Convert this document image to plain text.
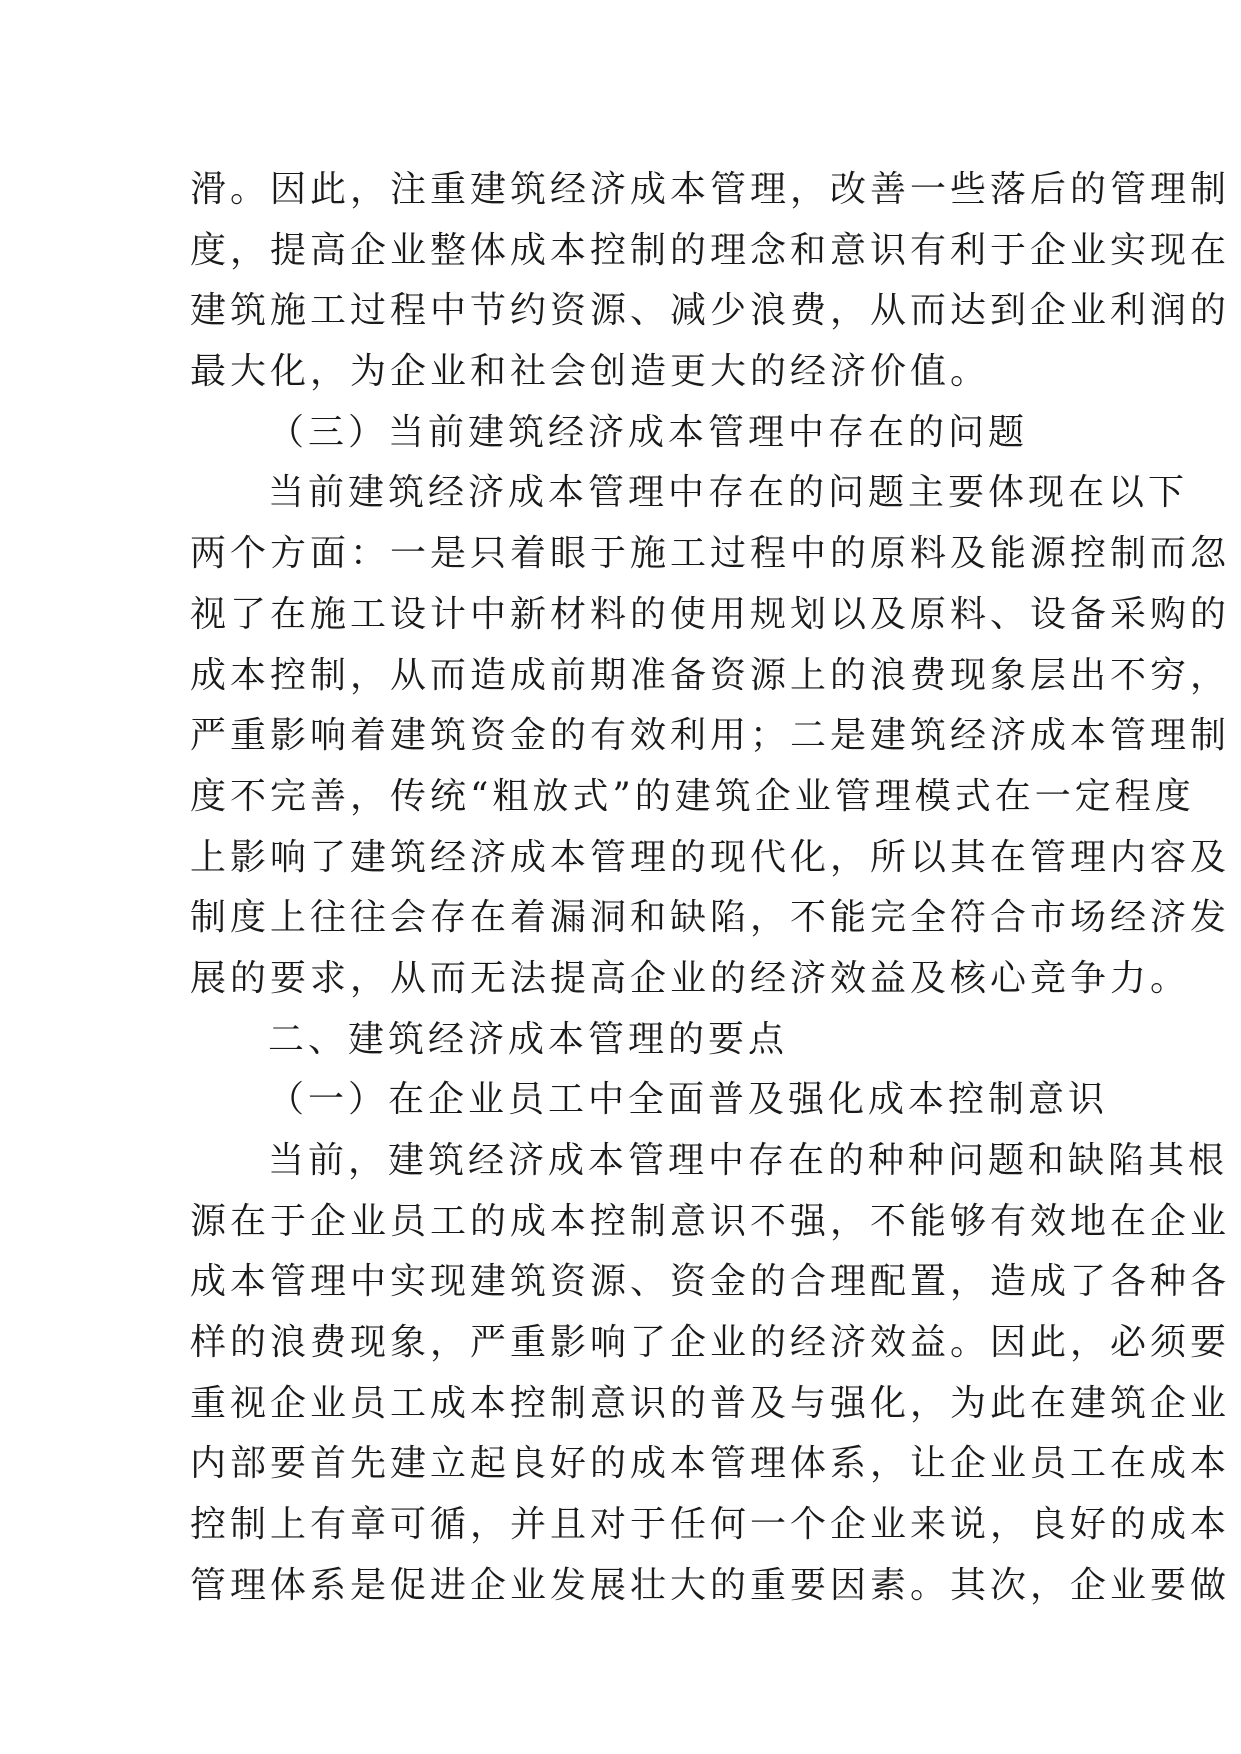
滑。因此，注重建筑经济成本管理，改善一些落后的管理制
度，提高企业整体成本控制的理念和意识有利于企业实现在
建筑施工过程中节约资源、减少浪费，从而达到企业利润的
最大化，为企业和社会创造更大的经济价值。
（三）当前建筑经济成本管理中存在的问题
当前建筑经济成本管理中存在的问题主要体现在以下
两个方面：一是只着眼于施工过程中的原料及能源控制而忽
视了在施工设计中新材料的使用规划以及原料、设备采购的
成本控制，从而造成前期准备资源上的浪费现象层出不穷，
严重影响着建筑资金的有效利用；二是建筑经济成本管理制
度不完善，传统“粗放式”的建筑企业管理模式在一定程度
上影响了建筑经济成本管理的现代化，所以其在管理内容及
制度上往往会存在着漏洞和缺陷，不能完全符合市场经济发
展的要求，从而无法提高企业的经济效益及核心竞争力。
二、建筑经济成本管理的要点
（一）在企业员工中全面普及强化成本控制意识
当前，建筑经济成本管理中存在的种种问题和缺陷其根
源在于企业员工的成本控制意识不强，不能够有效地在企业
成本管理中实现建筑资源、资金的合理配置，造成了各种各
样的浪费现象，严重影响了企业的经济效益。因此，必须要
重视企业员工成本控制意识的普及与强化，为此在建筑企业
内部要首先建立起良好的成本管理体系，让企业员工在成本
控制上有章可循，并且对于任何一个企业来说，良好的成本
管理体系是促进企业发展壮大的重要因素。其次，企业要做
